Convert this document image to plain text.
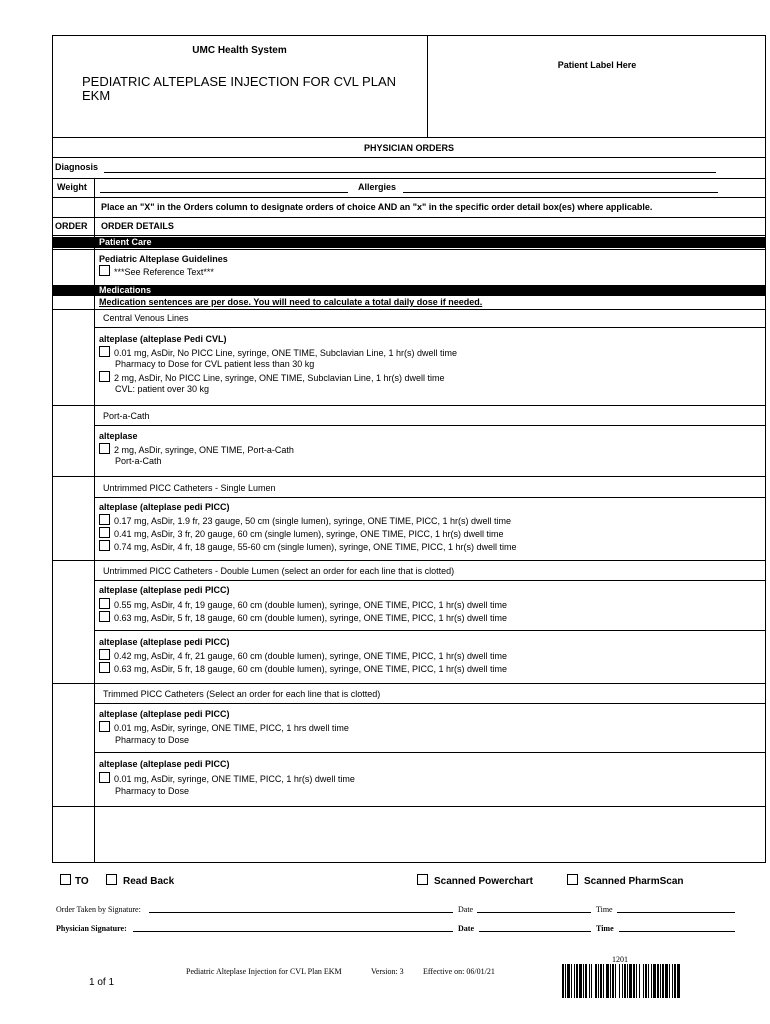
UMC Health System
PEDIATRIC ALTEPLASE INJECTION FOR CVL PLAN EKM
Patient Label Here
PHYSICIAN ORDERS
Diagnosis
Weight	Allergies
Place an "X" in the Orders column to designate orders of choice AND an "x" in the specific order detail box(es) where applicable.
ORDER ORDER DETAILS
Patient Care
Pediatric Alteplase Guidelines
***See Reference Text***
Medications
Medication sentences are per dose. You will need to calculate a total daily dose if needed.
Central Venous Lines
alteplase (alteplase Pedi CVL)
0.01 mg, AsDir, No PICC Line, syringe, ONE TIME, Subclavian Line, 1 hr(s) dwell time
Pharmacy to Dose for CVL patient less than 30 kg
2 mg, AsDir, No PICC Line, syringe, ONE TIME, Subclavian Line, 1 hr(s) dwell time
CVL: patient over 30 kg
Port-a-Cath
alteplase
2 mg, AsDir, syringe, ONE TIME, Port-a-Cath
Port-a-Cath
Untrimmed PICC Catheters - Single Lumen
alteplase (alteplase pedi PICC)
0.17 mg, AsDir, 1.9 fr, 23 gauge, 50 cm (single lumen), syringe, ONE TIME, PICC, 1 hr(s) dwell time
0.41 mg, AsDir, 3 fr, 20 gauge, 60 cm (single lumen), syringe, ONE TIME, PICC, 1 hr(s) dwell time
0.74 mg, AsDir, 4 fr, 18 gauge, 55-60 cm (single lumen), syringe, ONE TIME, PICC, 1 hr(s) dwell time
Untrimmed PICC Catheters - Double Lumen (select an order for each line that is clotted)
alteplase (alteplase pedi PICC)
0.55 mg, AsDir, 4 fr, 19 gauge, 60 cm (double lumen), syringe, ONE TIME, PICC, 1 hr(s) dwell time
0.63 mg, AsDir, 5 fr, 18 gauge, 60 cm (double lumen), syringe, ONE TIME, PICC, 1 hr(s) dwell time
alteplase (alteplase pedi PICC)
0.42 mg, AsDir, 4 fr, 21 gauge, 60 cm (double lumen), syringe, ONE TIME, PICC, 1 hr(s) dwell time
0.63 mg, AsDir, 5 fr, 18 gauge, 60 cm (double lumen), syringe, ONE TIME, PICC, 1 hr(s) dwell time
Trimmed PICC Catheters (Select an order for each line that is clotted)
alteplase (alteplase pedi PICC)
0.01 mg, AsDir, syringe, ONE TIME, PICC, 1 hrs dwell time
Pharmacy to Dose
alteplase (alteplase pedi PICC)
0.01 mg, AsDir, syringe, ONE TIME, PICC, 1 hr(s) dwell time
Pharmacy to Dose
TO	Read Back	Scanned Powerchart	Scanned PharmScan
Order Taken by Signature:	Date	Time
Physician Signature:	Date	Time
1 of 1
Pediatric Alteplase Injection for CVL Plan EKM	Version: 3 Effective on: 06/01/21
1201
